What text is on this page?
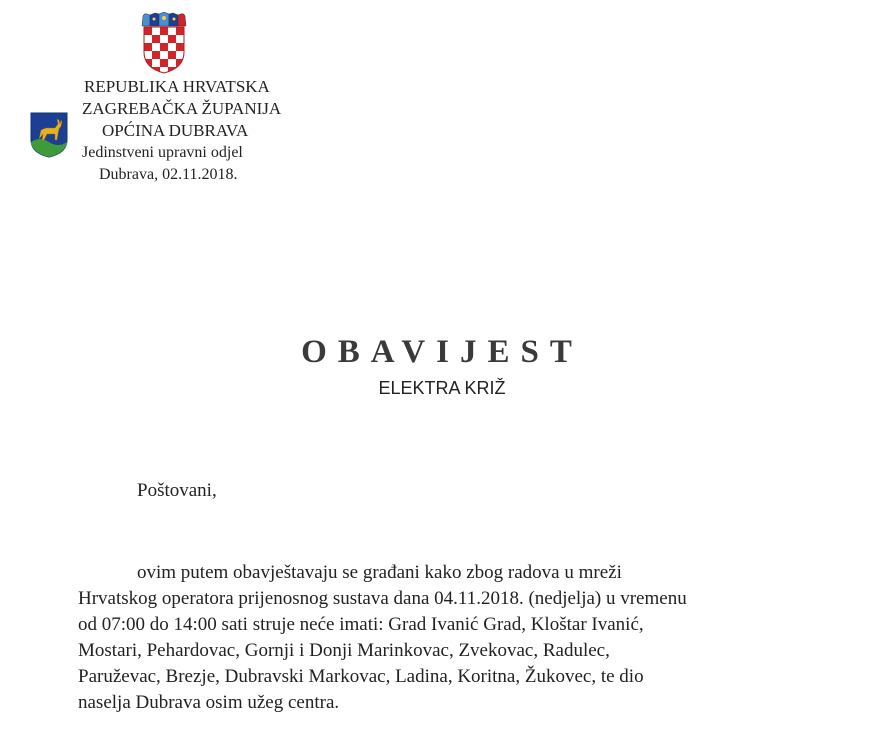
REPUBLIKA HRVATSKA
ZAGREBAČKA ŽUPANIJA
OPĆINA DUBRAVA
Jedinstveni upravni odjel
Dubrava, 02.11.2018.
OBAVIJEST
ELEKTRA KRIŽ
Poštovani,
ovim putem obavještavaju se građani kako zbog radova u mreži
Hrvatskog operatora prijenosnog sustava dana 04.11.2018. (nedjelja) u vremenu
od 07:00 do 14:00 sati struje neće imati: Grad Ivanić Grad, Kloštar Ivanić,
Mostari, Pehardovac, Gornji i Donji Marinkovac, Zvekovac, Radulec,
Paruževac, Brezje, Dubravski Markovac, Ladina, Koritna, Žukovec, te dio
naselja Dubrava osim užeg centra.
